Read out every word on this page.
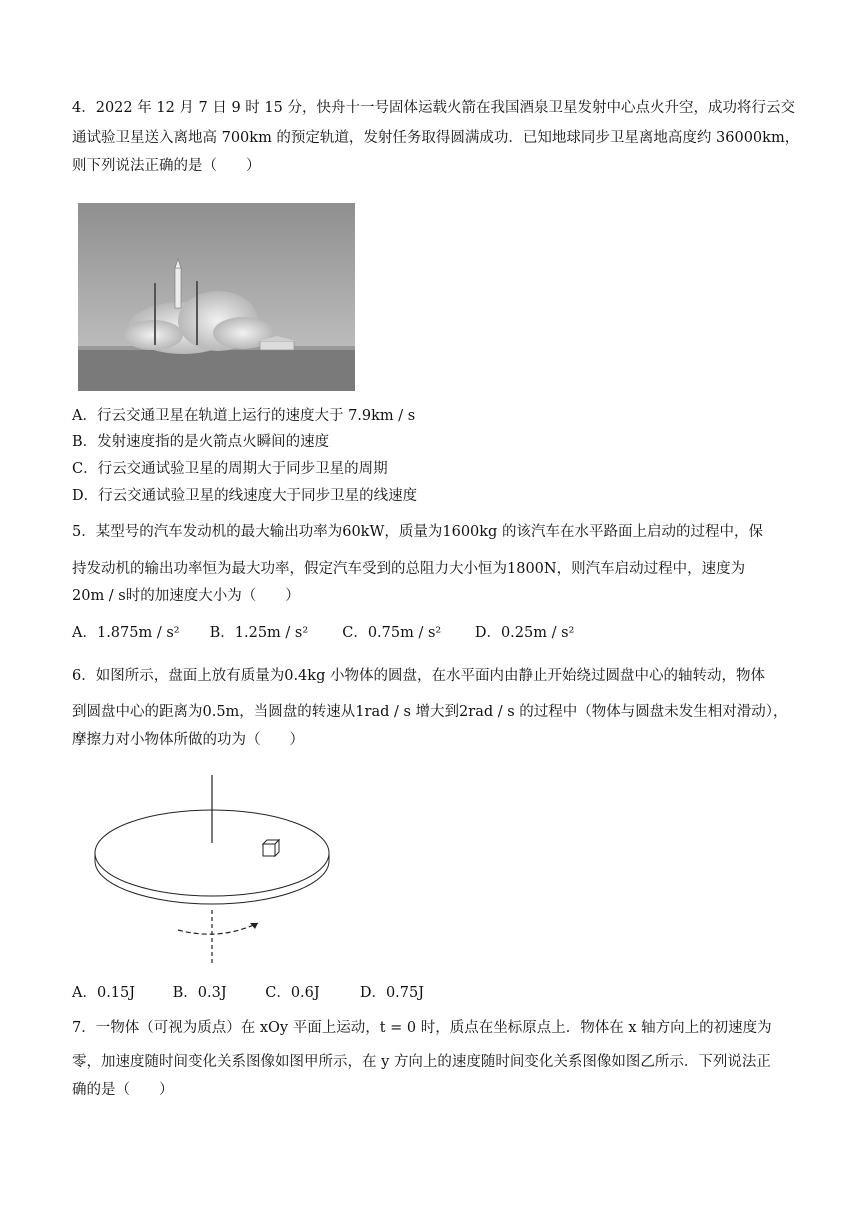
4．2022 年 12 月 7 日 9 时 15 分，快舟十一号固体运载火箭在我国酒泉卫星发射中心点火升空，成功将行云交
通试验卫星送入离地高 700km 的预定轨道，发射任务取得圆满成功．已知地球同步卫星离地高度约 36000km，
则下列说法正确的是（　　）
A．行云交通卫星在轨道上运行的速度大于 7.9km / s
B．发射速度指的是火箭点火瞬间的速度
C．行云交通试验卫星的周期大于同步卫星的周期
D．行云交通试验卫星的线速度大于同步卫星的线速度
5．某型号的汽车发动机的最大输出功率为60kW，质量为1600kg 的该汽车在水平路面上启动的过程中，保
持发动机的输出功率恒为最大功率，假定汽车受到的总阻力大小恒为1800N，则汽车启动过程中，速度为
20m / s时的加速度大小为（　　）
A．1.875m / s² B．1.25m / s² C．0.75m / s² D．0.25m / s²
6．如图所示，盘面上放有质量为0.4kg 小物体的圆盘，在水平面内由静止开始绕过圆盘中心的轴转动，物体
到圆盘中心的距离为0.5m，当圆盘的转速从1rad / s 增大到2rad / s 的过程中（物体与圆盘未发生相对滑动），
摩擦力对小物体所做的功为（　　）
A．0.15J	B．0.3J	C．0.6J	D．0.75J
7．一物体（可视为质点）在 xOy 平面上运动，t = 0 时，质点在坐标原点上．物体在 x 轴方向上的初速度为
零，加速度随时间变化关系图像如图甲所示，在 y 方向上的速度随时间变化关系图像如图乙所示．下列说法正
确的是（　　）
